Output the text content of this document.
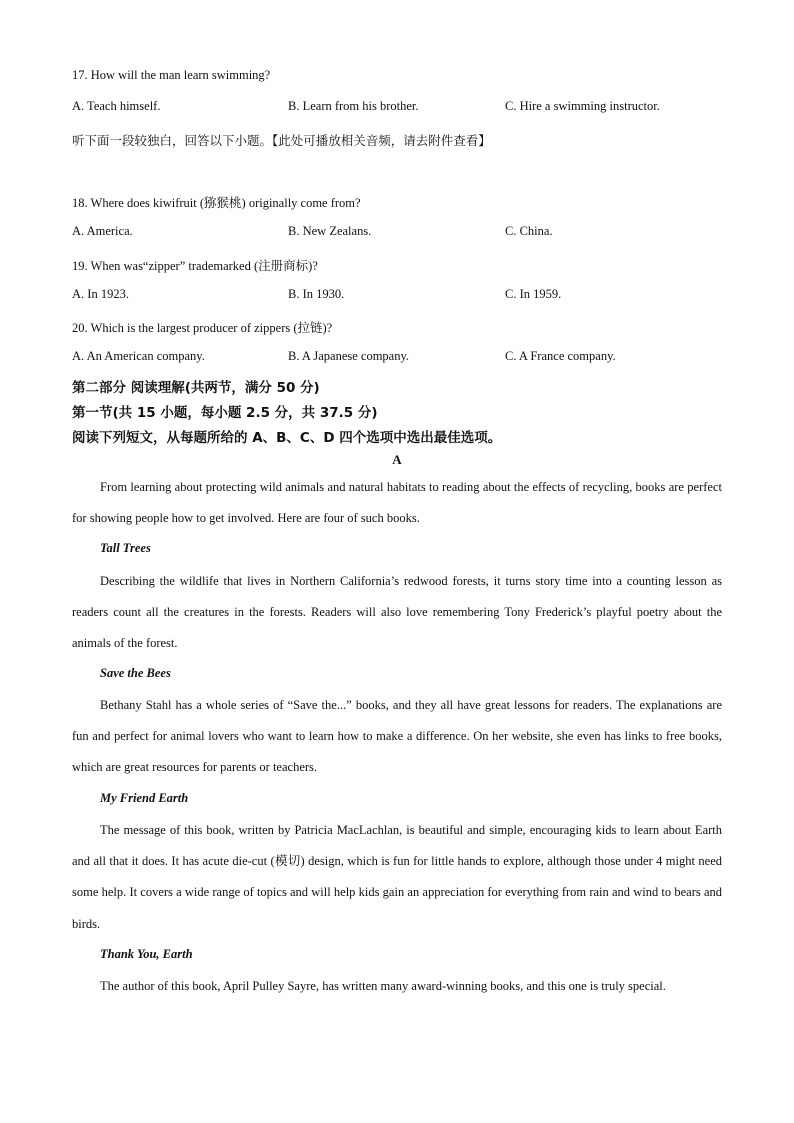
17. How will the man learn swimming?
A. Teach himself.	B. Learn from his brother.	C. Hire a swimming instructor.
听下面一段较独白，回答以下小题。【此处可播放相关音频，请去附件查看】
18. Where does kiwifruit (猕猴桃) originally come from?
A. America.	B. New Zealans.	C. China.
19. When was“zipper” trademarked (注册商标)?
A. In 1923.	B. In 1930.	C. In 1959.
20. Which is the largest producer of zippers (拉链)?
A. An American company.	B. A Japanese company.	C. A France company.
第二部分 阅读理解(共两节，满分 50 分)
第一节(共 15 小题，每小题 2.5 分，共 37.5 分)
阅读下列短文，从每题所给的 A、B、C、D 四个选项中选出最佳选项。
A
From learning about protecting wild animals and natural habitats to reading about the effects of recycling, books are perfect for showing people how to get involved. Here are four of such books.
Tall Trees
Describing the wildlife that lives in Northern California’s redwood forests, it turns story time into a counting lesson as readers count all the creatures in the forests. Readers will also love remembering Tony Frederick’s playful poetry about the animals of the forest.
Save the Bees
Bethany Stahl has a whole series of “Save the...” books, and they all have great lessons for readers. The explanations are fun and perfect for animal lovers who want to learn how to make a difference. On her website, she even has links to free books, which are great resources for parents or teachers.
My Friend Earth
The message of this book, written by Patricia MacLachlan, is beautiful and simple, encouraging kids to learn about Earth and all that it does. It has acute die-cut (模切) design, which is fun for little hands to explore, although those under 4 might need some help. It covers a wide range of topics and will help kids gain an appreciation for everything from rain and wind to bears and birds.
Thank You, Earth
The author of this book, April Pulley Sayre, has written many award-winning books, and this one is truly special.
